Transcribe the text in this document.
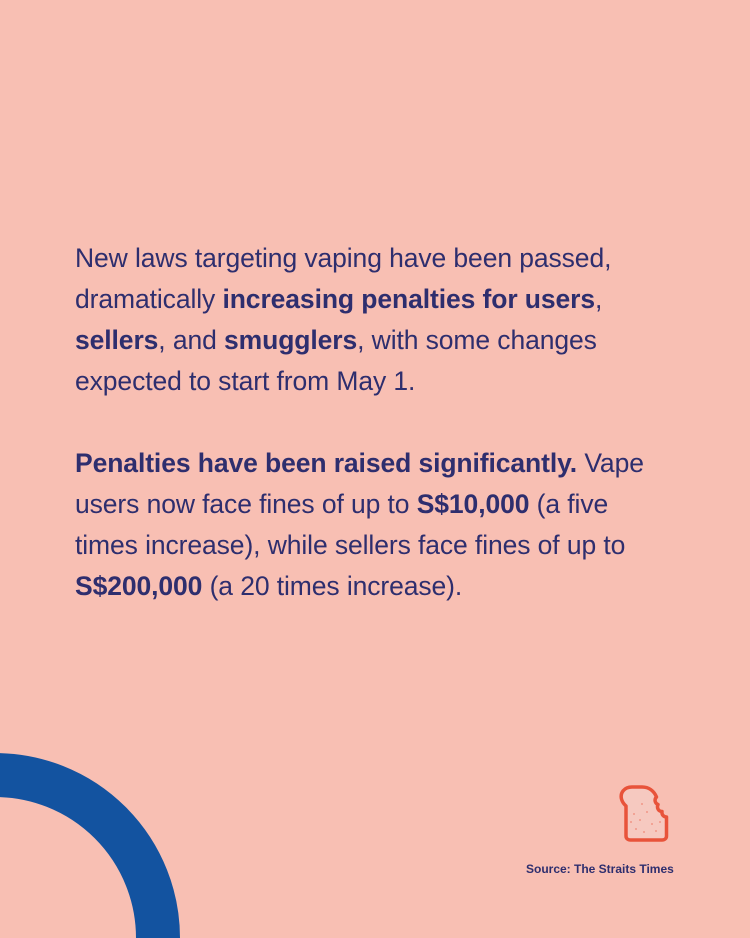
New laws targeting vaping have been passed,
dramatically increasing penalties for users,
sellers, and smugglers, with some changes
expected to start from May 1.

Penalties have been raised significantly. Vape
users now face fines of up to S$10,000 (a five
times increase), while sellers face fines of up to
S$200,000 (a 20 times increase).

Source: The Straits Times
